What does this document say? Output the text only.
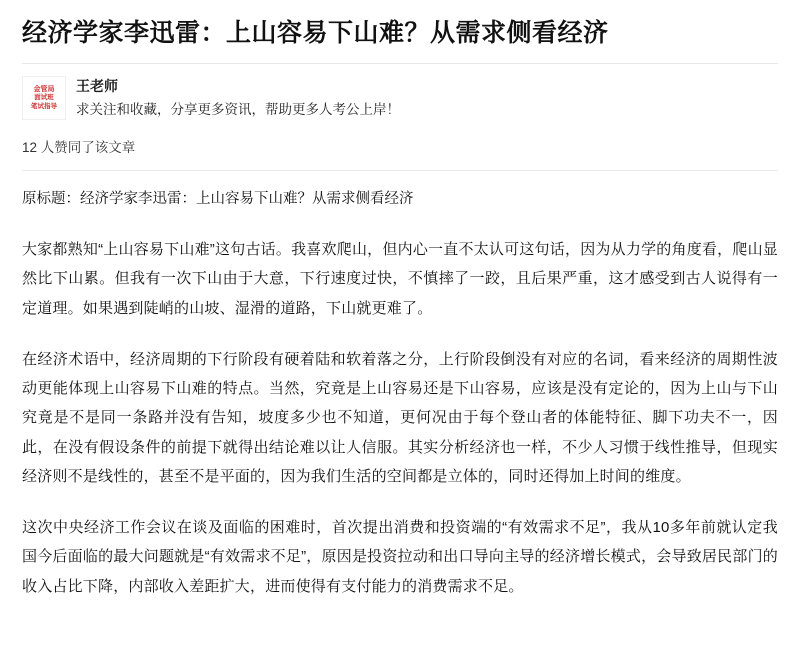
经济学家李迅雷：上山容易下山难？从需求侧看经济
金管局
面试班
笔试指导
王老师
求关注和收藏，分享更多资讯，帮助更多人考公上岸！
12 人赞同了该文章
原标题：经济学家李迅雷：上山容易下山难？从需求侧看经济

大家都熟知“上山容易下山难”这句古话。我喜欢爬山，但内心一直不太认可这句话，因为从力学的角度看，爬山显然比下山累。但我有一次下山由于大意，下行速度过快，不慎摔了一跤，且后果严重，这才感受到古人说得有一定道理。如果遇到陡峭的山坡、湿滑的道路，下山就更难了。

在经济术语中，经济周期的下行阶段有硬着陆和软着落之分，上行阶段倒没有对应的名词，看来经济的周期性波动更能体现上山容易下山难的特点。当然，究竟是上山容易还是下山容易，应该是没有定论的，因为上山与下山究竟是不是同一条路并没有告知，坡度多少也不知道，更何况由于每个登山者的体能特征、脚下功夫不一，因此，在没有假设条件的前提下就得出结论难以让人信服。其实分析经济也一样，不少人习惯于线性推导，但现实经济则不是线性的，甚至不是平面的，因为我们生活的空间都是立体的，同时还得加上时间的维度。

这次中央经济工作会议在谈及面临的困难时，首次提出消费和投资端的“有效需求不足”，我从10多年前就认定我国今后面临的最大问题就是“有效需求不足”，原因是投资拉动和出口导向主导的经济增长模式，会导致居民部门的收入占比下降，内部收入差距扩大，进而使得有支付能力的消费需求不足。
